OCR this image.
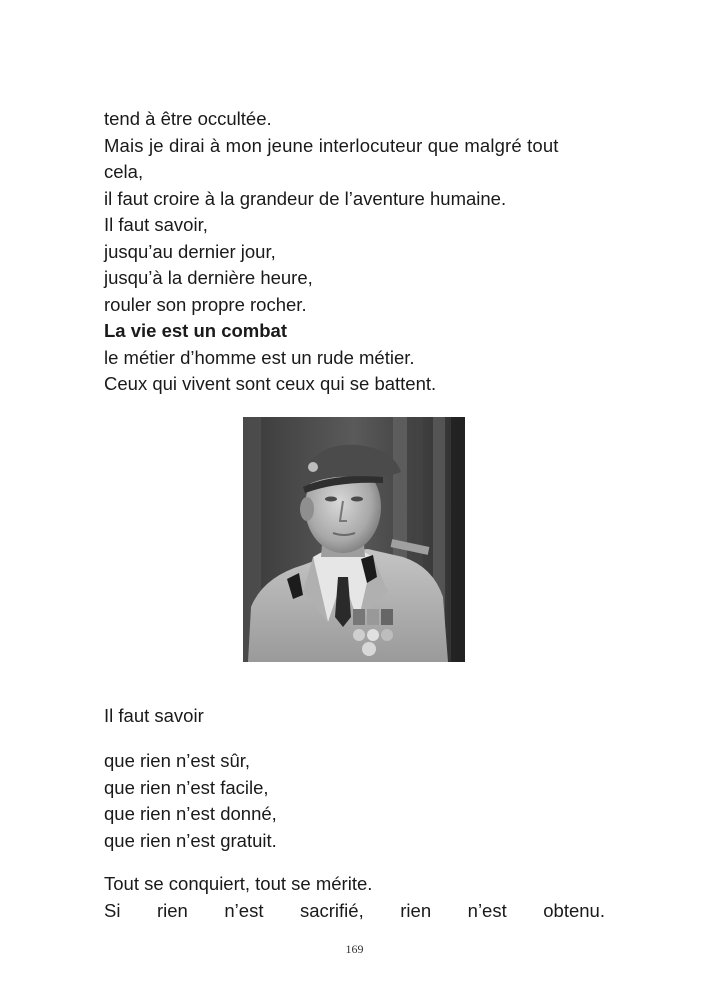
tend à être occultée.
Mais je dirai à mon jeune interlocuteur que malgré tout
cela,
il faut croire à la grandeur de l’aventure humaine.
Il faut savoir,
jusqu’au dernier jour,
jusqu’à la dernière heure,
rouler son propre rocher.
La vie est un combat
le métier d’homme est un rude métier.
Ceux qui vivent sont ceux qui se battent.
Il faut savoir
que rien n’est sûr,
que rien n’est facile,
que rien n’est donné,
que rien n’est gratuit.
Tout se conquiert, tout se mérite.
Si rien n’est sacrifié, rien n’est obtenu.
169
